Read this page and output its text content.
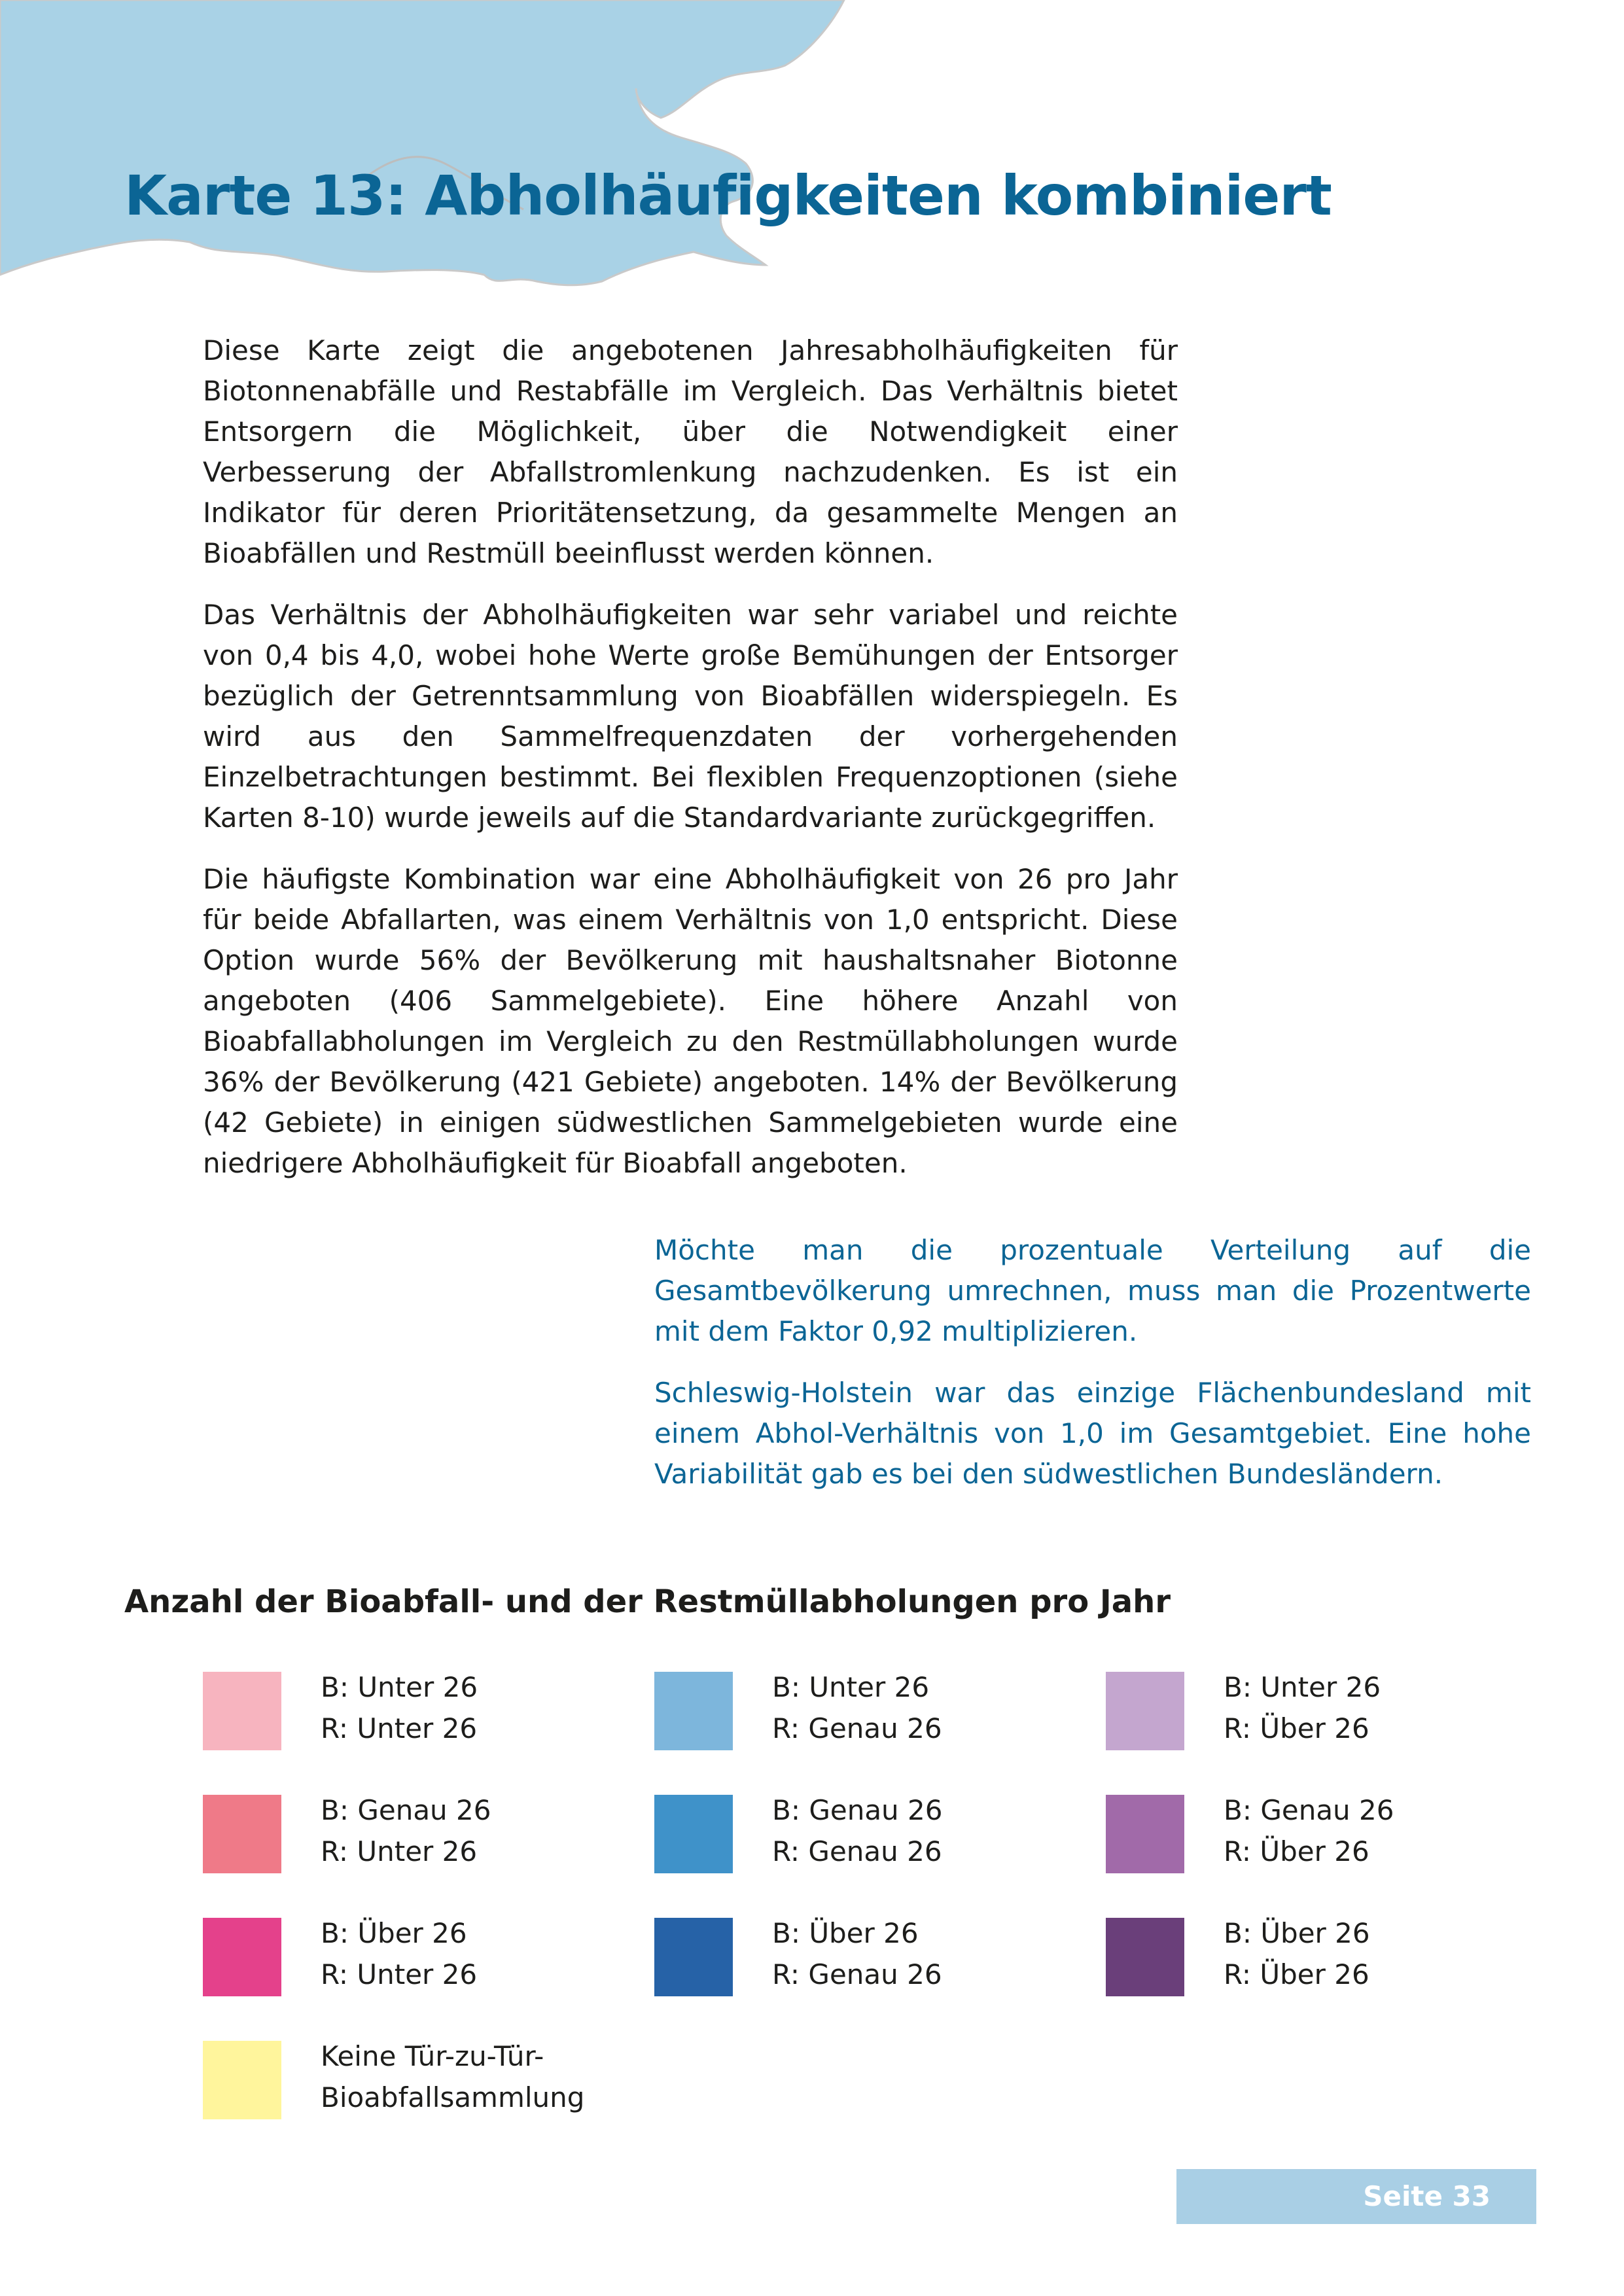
Karte 13: Abholhäufigkeiten kombiniert

Diese Karte zeigt die angebotenen Jahresabholhäufigkeiten für Biotonnenabfälle und Restabfälle im Vergleich. Das Verhältnis bietet Entsorgern die Möglichkeit, über die Notwendigkeit einer Verbesserung der Abfallstromlenkung nachzudenken. Es ist ein Indikator für deren Prioritätensetzung, da gesammelte Mengen an Bioabfällen und Restmüll beeinflusst werden können.

Das Verhältnis der Abholhäufigkeiten war sehr variabel und reichte von 0,4 bis 4,0, wobei hohe Werte große Bemühungen der Entsorger bezüglich der Getrenntsammlung von Bioabfällen widerspiegeln. Es wird aus den Sammelfrequenzdaten der vorhergehenden Einzelbetrachtungen bestimmt. Bei flexiblen Frequenzoptionen (siehe Karten 8-10) wurde jeweils auf die Standardvariante zurückgegriffen.

Die häufigste Kombination war eine Abholhäufigkeit von 26 pro Jahr für beide Abfallarten, was einem Verhältnis von 1,0 entspricht. Diese Option wurde 56% der Bevölkerung mit haushaltsnaher Biotonne angeboten (406 Sammelgebiete). Eine höhere Anzahl von Bioabfallabholungen im Vergleich zu den Restmüllabholungen wurde 36% der Bevölkerung (421 Gebiete) angeboten. 14% der Bevölkerung (42 Gebiete) in einigen südwestlichen Sammelgebieten wurde eine niedrigere Abholhäufigkeit für Bioabfall angeboten.

Möchte man die prozentuale Verteilung auf die Gesamtbevölkerung umrechnen, muss man die Prozentwerte mit dem Faktor 0,92 multiplizieren.

Schleswig-Holstein war das einzige Flächenbundesland mit einem Abhol-Verhältnis von 1,0 im Gesamtgebiet. Eine hohe Variabilität gab es bei den südwestlichen Bundesländern.

Anzahl der Bioabfall- und der Restmüllabholungen pro Jahr
B: Unter 26
R: Unter 26
B: Unter 26
R: Genau 26
B: Unter 26
R: Über 26
B: Genau 26
R: Unter 26
B: Genau 26
R: Genau 26
B: Genau 26
R: Über 26
B: Über 26
R: Unter 26
B: Über 26
R: Genau 26
B: Über 26
R: Über 26
Keine Tür-zu-Tür-
Bioabfallsammlung
Seite 33
